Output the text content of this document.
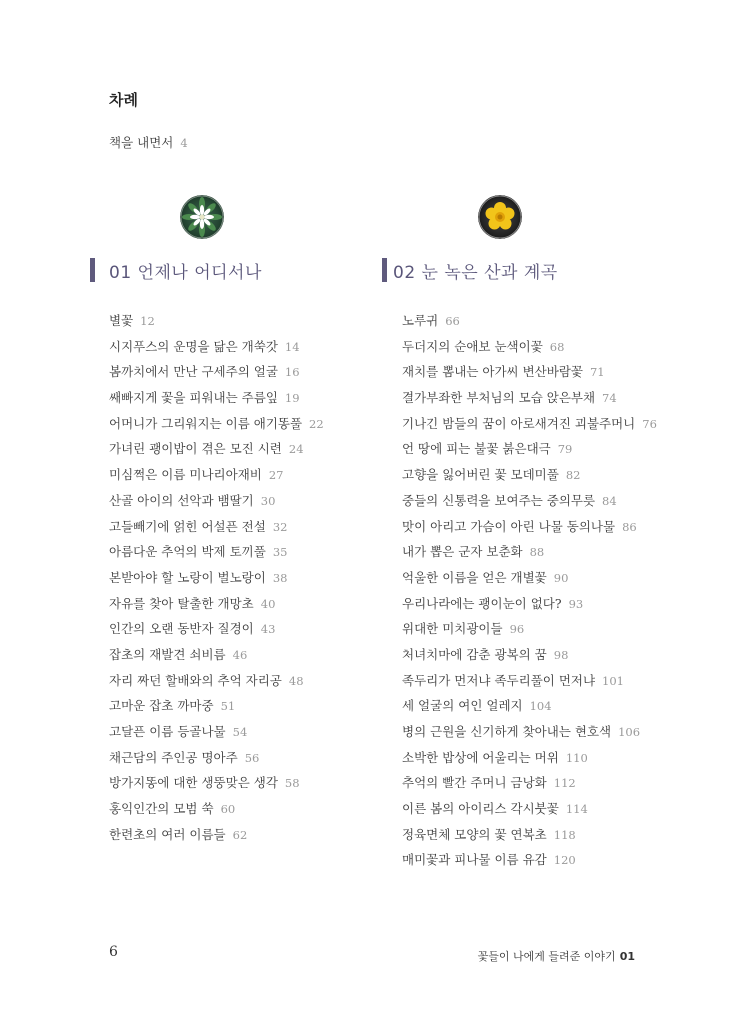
차례
책을 내면서 4
01 언제나 어디서나
별꽃 12
시지푸스의 운명을 닮은 개쑥갓 14
봄까치에서 만난 구세주의 얼굴 16
쌔빠지게 꽃을 피워내는 주름잎 19
어머니가 그리워지는 이름 애기똥풀 22
가녀린 괭이밥이 겪은 모진 시련 24
미심쩍은 이름 미나리아재비 27
산골 아이의 선악과 뱀딸기 30
고들빼기에 얽힌 어설픈 전설 32
아름다운 추억의 박제 토끼풀 35
본받아야 할 노랑이 벌노랑이 38
자유를 찾아 탈출한 개망초 40
인간의 오랜 동반자 질경이 43
잡초의 재발견 쇠비름 46
자리 짜던 할배와의 추억 자리공 48
고마운 잡초 까마중 51
고달픈 이름 등골나물 54
채근담의 주인공 명아주 56
방가지똥에 대한 생뚱맞은 생각 58
홍익인간의 모범 쑥 60
한련초의 여러 이름들 62
02 눈 녹은 산과 계곡
노루귀 66
두더지의 순애보 눈색이꽃 68
재치를 뽐내는 아가씨 변산바람꽃 71
결가부좌한 부처님의 모습 앉은부채 74
기나긴 밤들의 꿈이 아로새겨진 괴불주머니 76
언 땅에 피는 불꽃 붉은대극 79
고향을 잃어버린 꽃 모데미풀 82
중들의 신통력을 보여주는 중의무릇 84
맛이 아리고 가슴이 아린 나물 동의나물 86
내가 뽑은 군자 보춘화 88
억울한 이름을 얻은 개별꽃 90
우리나라에는 괭이눈이 없다? 93
위대한 미치광이들 96
처녀치마에 감춘 광복의 꿈 98
족두리가 먼저냐 족두리풀이 먼저냐 101
세 얼굴의 여인 얼레지 104
병의 근원을 신기하게 찾아내는 현호색 106
소박한 밥상에 어울리는 머위 110
추억의 빨간 주머니 금낭화 112
이른 봄의 아이리스 각시붓꽃 114
정육면체 모양의 꽃 연복초 118
매미꽃과 피나물 이름 유감 120
6	꽃들이 나에게 들려준 이야기 01
